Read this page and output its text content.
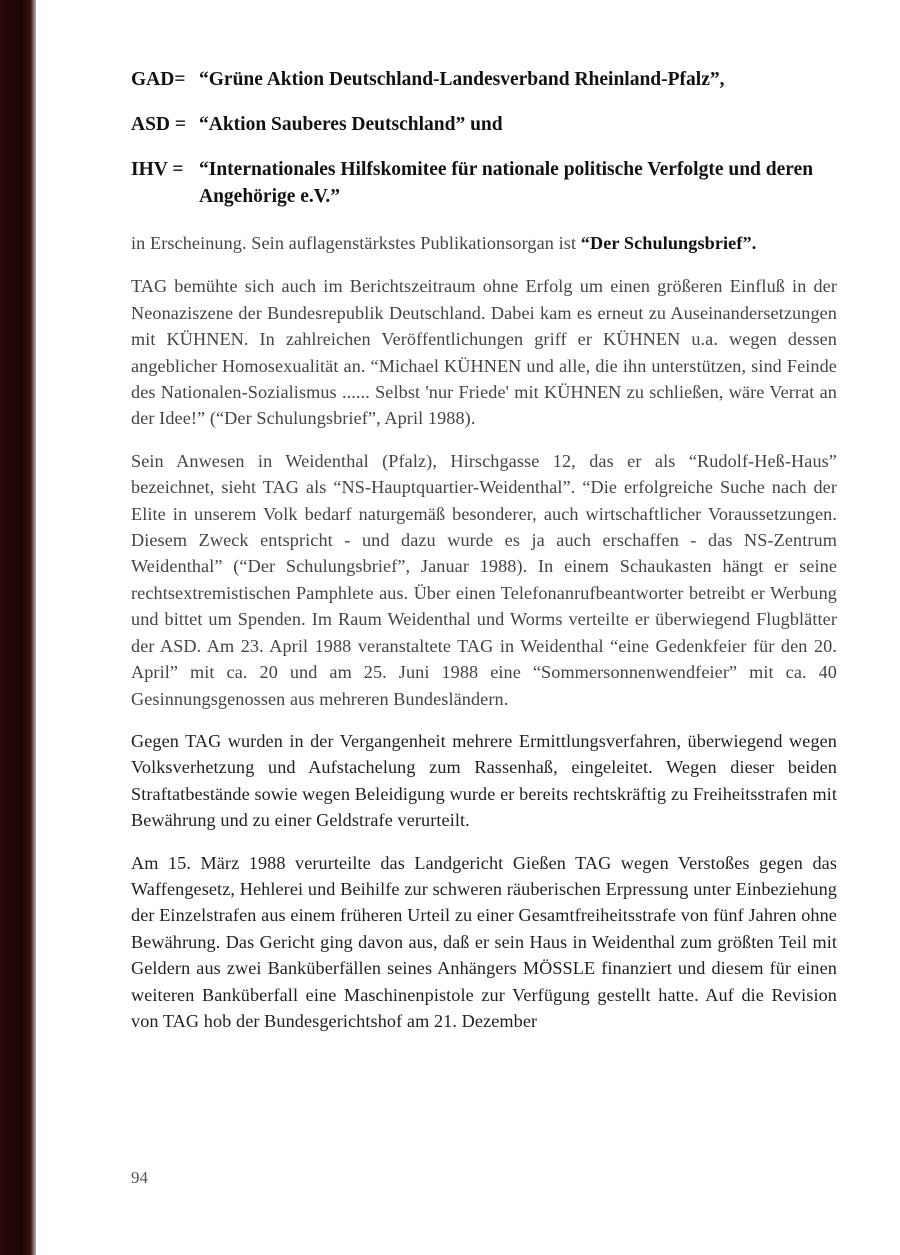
GAD= “Grüne Aktion Deutschland-Landesverband Rheinland-Pfalz”,
ASD = “Aktion Sauberes Deutschland” und
IHV = “Internationales Hilfskomitee für nationale politische Verfolgte und deren Angehörige e.V.”

in Erscheinung. Sein auflagenstärkstes Publikationsorgan ist “Der Schulungsbrief”.

TAG bemühte sich auch im Berichtszeitraum ohne Erfolg um einen größeren Einfluß in der Neonaziszene der Bundesrepublik Deutschland. Dabei kam es erneut zu Auseinandersetzungen mit KÜHNEN. In zahlreichen Veröffentlichungen griff er KÜHNEN u.a. wegen dessen angeblicher Homosexualität an. “Michael KÜHNEN und alle, die ihn unterstützen, sind Feinde des Nationalen-Sozialismus ...... Selbst 'nur Friede' mit KÜHNEN zu schließen, wäre Verrat an der Idee!” (“Der Schulungsbrief”, April 1988).

Sein Anwesen in Weidenthal (Pfalz), Hirschgasse 12, das er als “Rudolf-Heß-Haus” bezeichnet, sieht TAG als “NS-Hauptquartier-Weidenthal”. “Die erfolgreiche Suche nach der Elite in unserem Volk bedarf naturgemäß besonderer, auch wirtschaftlicher Voraussetzungen. Diesem Zweck entspricht - und dazu wurde es ja auch erschaffen - das NS-Zentrum Weidenthal” (“Der Schulungsbrief”, Januar 1988). In einem Schaukasten hängt er seine rechtsextremistischen Pamphlete aus. Über einen Telefonanrufbeantworter betreibt er Werbung und bittet um Spenden. Im Raum Weidenthal und Worms verteilte er überwiegend Flugblätter der ASD. Am 23. April 1988 veranstaltete TAG in Weidenthal “eine Gedenkfeier für den 20. April” mit ca. 20 und am 25. Juni 1988 eine “Sommersonnenwendfeier” mit ca. 40 Gesinnungsgenossen aus mehreren Bundesländern.

Gegen TAG wurden in der Vergangenheit mehrere Ermittlungsverfahren, überwiegend wegen Volksverhetzung und Aufstachelung zum Rassenhaß, eingeleitet. Wegen dieser beiden Straftatbestände sowie wegen Beleidigung wurde er bereits rechtskräftig zu Freiheitsstrafen mit Bewährung und zu einer Geldstrafe verurteilt.

Am 15. März 1988 verurteilte das Landgericht Gießen TAG wegen Verstoßes gegen das Waffengesetz, Hehlerei und Beihilfe zur schweren räuberischen Erpressung unter Einbeziehung der Einzelstrafen aus einem früheren Urteil zu einer Gesamtfreiheitsstrafe von fünf Jahren ohne Bewährung. Das Gericht ging davon aus, daß er sein Haus in Weidenthal zum größten Teil mit Geldern aus zwei Banküberfällen seines Anhängers MÖSSLE finanziert und diesem für einen weiteren Banküberfall eine Maschinenpistole zur Verfügung gestellt hatte. Auf die Revision von TAG hob der Bundesgerichtshof am 21. Dezember

94
